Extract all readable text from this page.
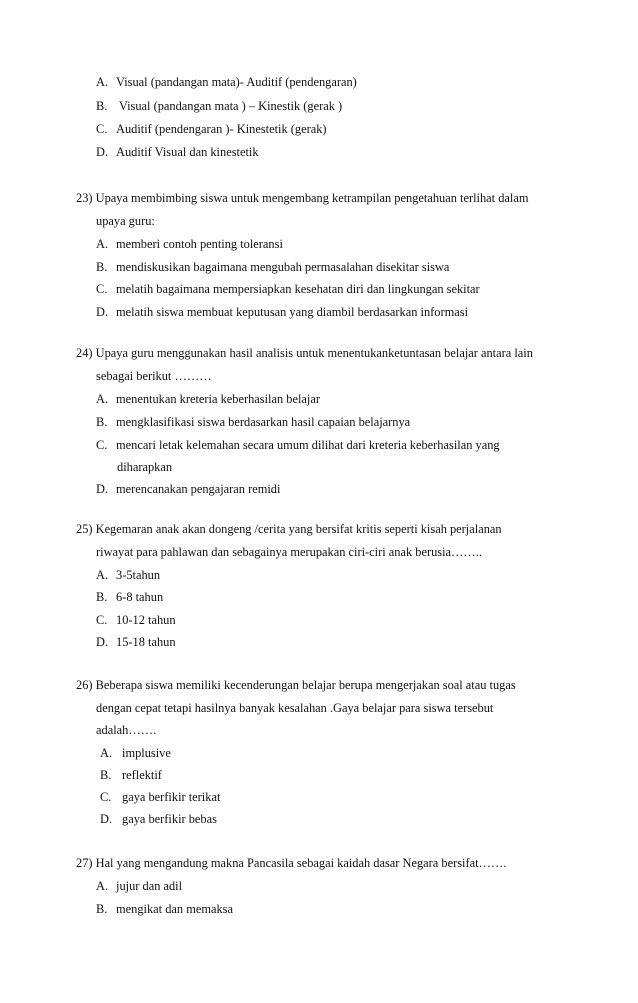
A. Visual (pandangan mata)- Auditif (pendengaran)
B. Visual (pandangan mata ) – Kinestik (gerak )
C. Auditif (pendengaran )- Kinestetik (gerak)
D. Auditif Visual dan kinestetik
23) Upaya membimbing siswa untuk mengembang ketrampilan pengetahuan terlihat dalam
upaya guru:
A. memberi contoh penting toleransi
B. mendiskusikan bagaimana mengubah permasalahan disekitar siswa
C. melatih bagaimana mempersiapkan kesehatan diri dan lingkungan sekitar
D. melatih siswa membuat keputusan yang diambil berdasarkan informasi
24) Upaya guru menggunakan hasil analisis untuk menentukanketuntasan belajar antara lain
sebagai berikut ………
A. menentukan kreteria keberhasilan belajar
B. mengklasifikasi siswa berdasarkan hasil capaian belajarnya
C. mencari letak kelemahan secara umum dilihat dari kreteria keberhasilan yang
diharapkan
D. merencanakan pengajaran remidi
25) Kegemaran anak akan dongeng /cerita yang bersifat kritis seperti kisah perjalanan
riwayat para pahlawan dan sebagainya merupakan ciri-ciri anak berusia……..
A. 3-5tahun
B. 6-8 tahun
C. 10-12 tahun
D. 15-18 tahun
26) Beberapa siswa memiliki kecenderungan belajar berupa mengerjakan soal atau tugas
dengan cepat tetapi hasilnya banyak kesalahan .Gaya belajar para siswa tersebut
adalah…….
A. implusive
B. reflektif
C. gaya berfikir terikat
D. gaya berfikir bebas
27) Hal yang mengandung makna Pancasila sebagai kaidah dasar Negara bersifat…….
A. jujur dan adil
B. mengikat dan memaksa
